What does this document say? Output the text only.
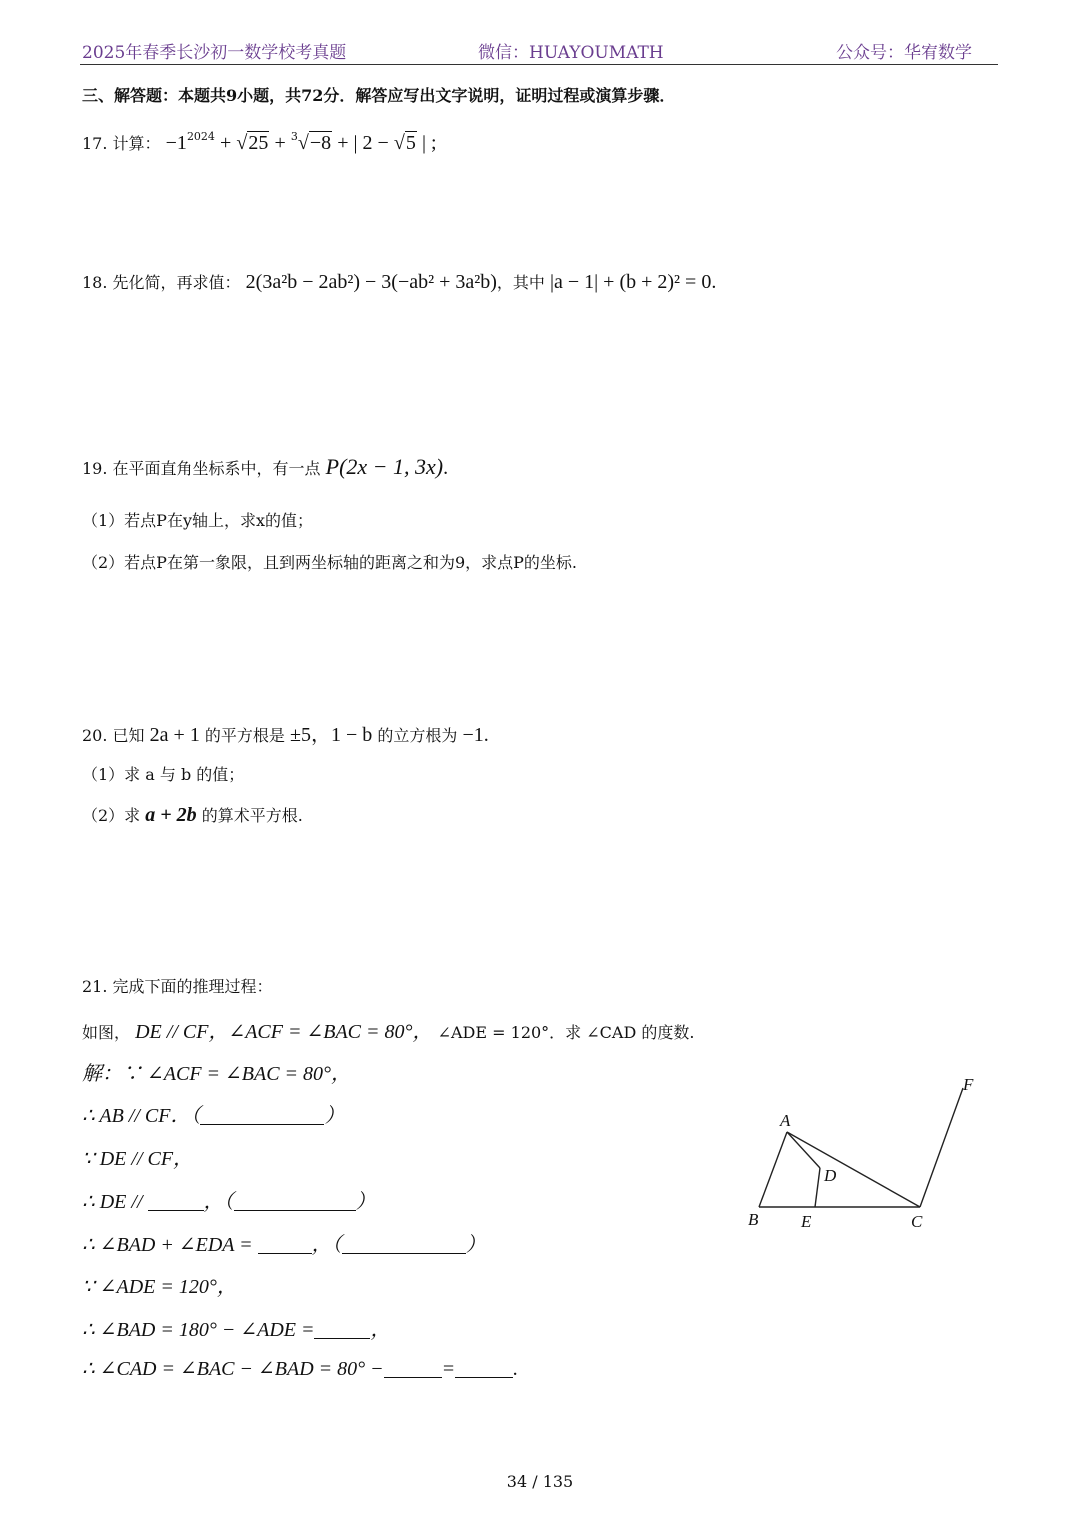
2025年春季长沙初一数学校考真题	微信：HUAYOUMATH	公众号：华宥数学
三、解答题：本题共9小题，共72分．解答应写出文字说明，证明过程或演算步骤．
17. 计算： $-1^{2024} + √25 + ^3√-8$ + | 2 − √5 | ;
18. 先化简，再求值： 2(3a²b − 2ab²) − 3(−ab² + 3a²b)，其中 |a − 1| + (b + 2)² = 0.
19. 在平面直角坐标系中，有一点 P(2x − 1, 3x).
（1）若点P在y轴上，求x的值；
（2）若点P在第一象限，且到两坐标轴的距离之和为9，求点P的坐标.
20. 已知 2a + 1 的平方根是 ±5，1 − b 的立方根为 −1.
（1）求 a 与 b 的值；
（2）求 a + 2b 的算术平方根.
21. 完成下面的推理过程：
如图， DE // CF，∠ACF = ∠BAC = 80°， ∠ADE = 120°．求 ∠CAD 的度数.
解：∵ ∠ACF = ∠BAC = 80°，
∴ AB // CF．（	）
∵ DE // CF，
∴ DE //	，（	）
∴ ∠BAD + ∠EDA =	，（	）
∵ ∠ADE = 120°，
∴ ∠BAD = 180° − ∠ADE =	，
∴ ∠CAD = ∠BAC − ∠BAD = 80° −	=	.
A
B	C
D
E
F
34 / 135
